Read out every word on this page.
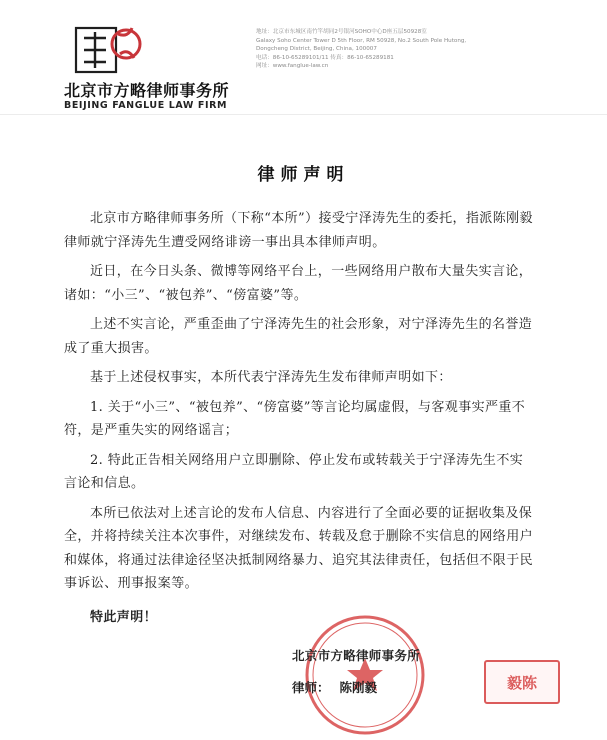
北京市方略律师事务所
BEIJING FANGLUE LAW FIRM
地址：北京市东城区南竹竿胡同2号银河SOHO中心D座五层50928室
Galaxy Soho Center Tower D 5th Floor, RM 50928, No.2 South Pole Hutong,
Dongcheng District, Beijing, China, 100007
电话：86-10-65289101/11 传真：86-10-65289181
网址：www.fanglue-law.cn
律师声明

北京市方略律师事务所（下称“本所”）接受宁泽涛先生的委托，指派陈刚毅律师就宁泽涛先生遭受网络诽谤一事出具本律师声明。

近日，在今日头条、微博等网络平台上，一些网络用户散布大量失实言论，诸如：“小三”、“被包养”、“傍富婆”等。

上述不实言论，严重歪曲了宁泽涛先生的社会形象，对宁泽涛先生的名誉造成了重大损害。

基于上述侵权事实，本所代表宁泽涛先生发布律师声明如下：

1. 关于“小三”、“被包养”、“傍富婆”等言论均属虚假，与客观事实严重不符，是严重失实的网络谣言；

2. 特此正告相关网络用户立即删除、停止发布或转载关于宁泽涛先生不实言论和信息。

本所已依法对上述言论的发布人信息、内容进行了全面必要的证据收集及保全，并将持续关注本次事件，对继续发布、转载及怠于删除不实信息的网络用户和媒体，将通过法律途径坚决抵制网络暴力、追究其法律责任，包括但不限于民事诉讼、刑事报案等。

特此声明！

北京市方略律师事务所
律师： 陈刚毅	毅陈
